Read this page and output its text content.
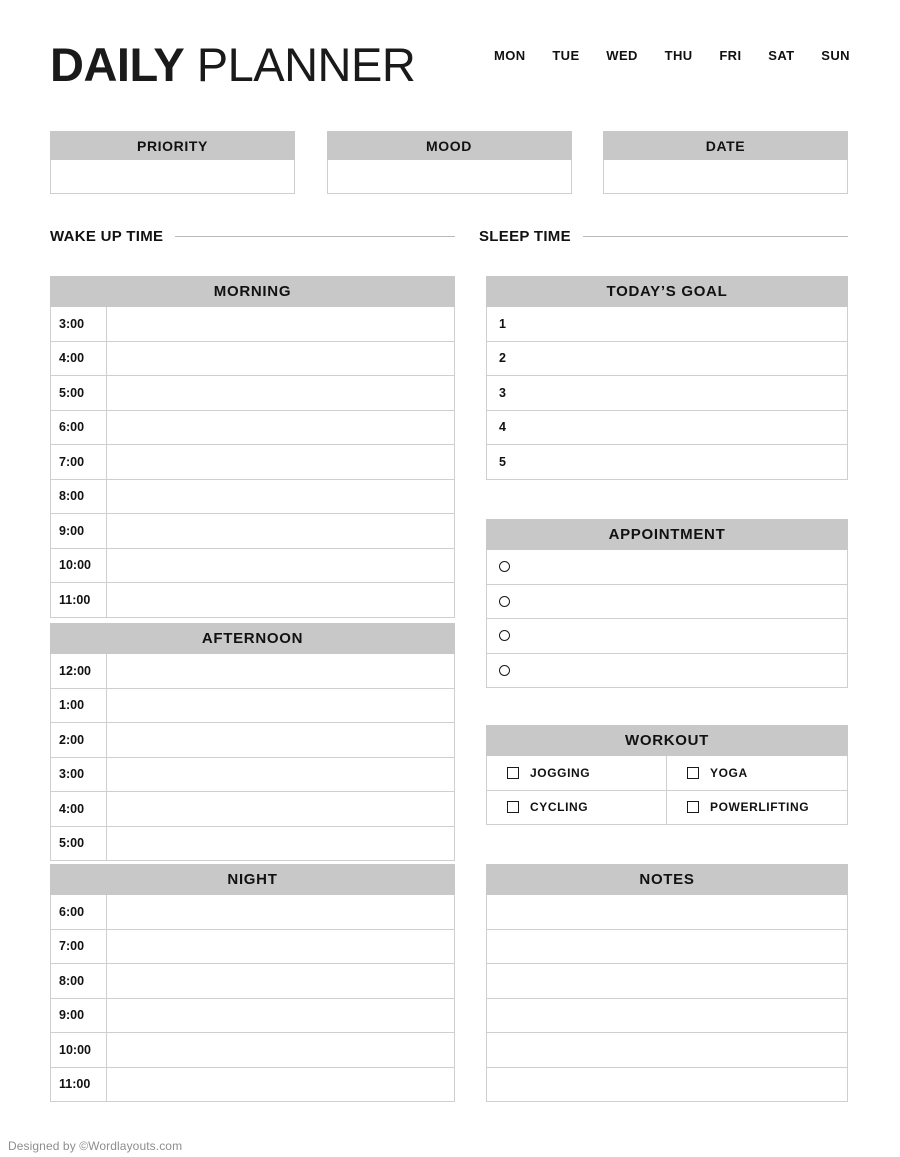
DAILY PLANNER	MON TUE WED THU FRI SAT SUN
PRIORITY	MOOD	DATE
WAKE UP TIME	SLEEP TIME
MORNING
3:00
4:00
5:00
6:00
7:00
8:00
9:00
10:00
11:00
AFTERNOON
12:00
1:00
2:00
3:00
4:00
5:00
NIGHT
6:00
7:00
8:00
9:00
10:00
11:00
TODAY’S GOAL
1
2
3
4
5
APPOINTMENT
WORKOUT
JOGGING	YOGA
CYCLING	POWERLIFTING
NOTES
Designed by ©Wordlayouts.com
